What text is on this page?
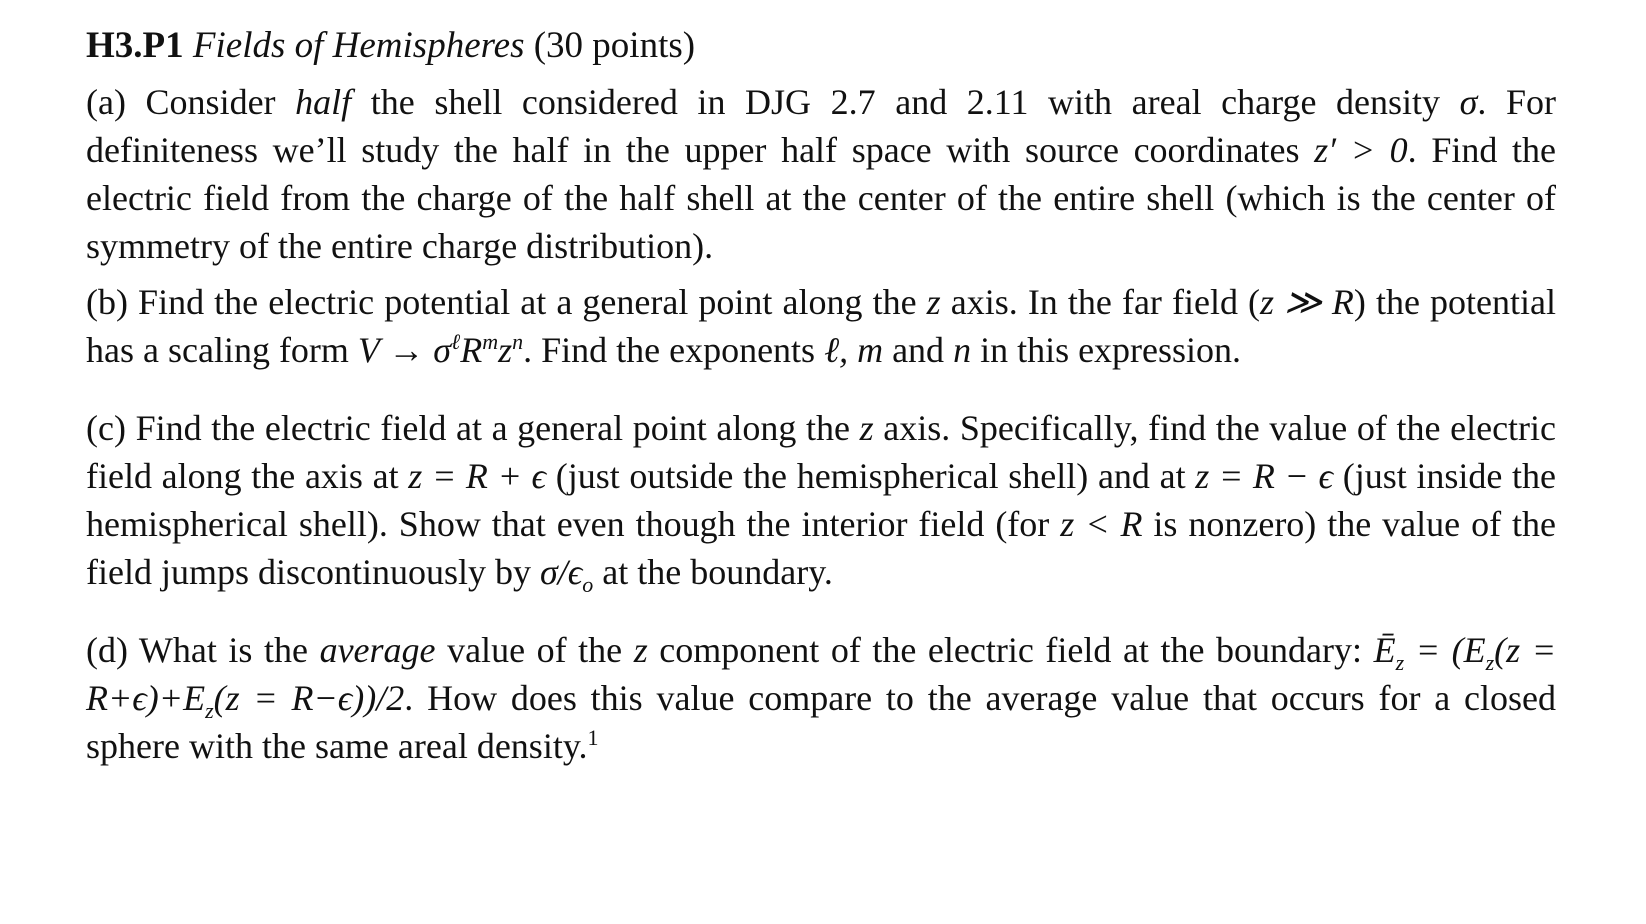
H3.P1 Fields of Hemispheres (30 points)

(a) Consider half the shell considered in DJG 2.7 and 2.11 with areal charge density σ. For definiteness we’ll study the half in the upper half space with source coordinates z′ > 0. Find the electric field from the charge of the half shell at the center of the entire shell (which is the center of symmetry of the entire charge distribution).

(b) Find the electric potential at a general point along the z axis. In the far field (z ≫ R) the potential has a scaling form $V \to \sigma^\ell R^mz^n$. Find the exponents ℓ, m and n in this expression.

(c) Find the electric field at a general point along the z axis. Specifically, find the value of the electric field along the axis at z = R + ϵ (just outside the hemispherical shell) and at z = R − ϵ (just inside the hemispherical shell). Show that even though the interior field (for z < R is nonzero) the value of the field jumps discontinuously by $\sigma/\epsilon_o$ at the boundary.

(d) What is the average value of the z component of the electric field at the boundary: $Ē_z = (E_z(z = R+\epsilon)+E_z(z = R-\epsilon))/2$. How does this value compare to the average value that occurs for a closed sphere with the same areal density.$^1$
